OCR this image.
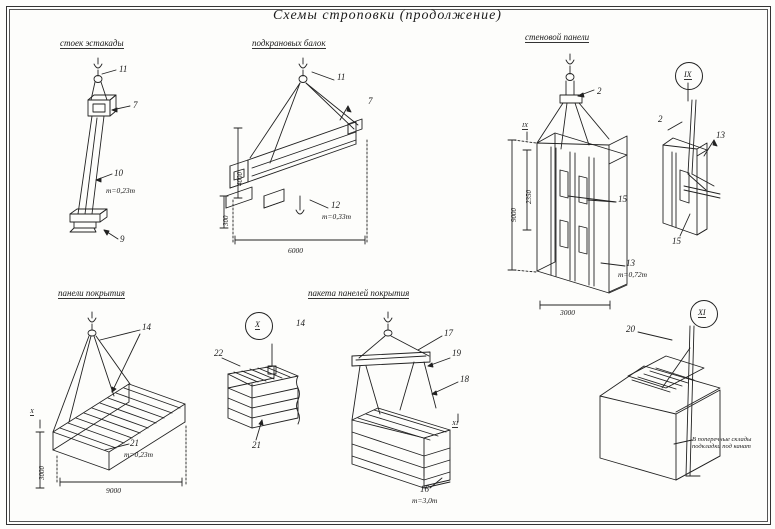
Схемы строповки (продолжение)
стоек эстакады	подкрановых балок
стеновой панели
панели покрытия	пакета панелей покрытия
11
7
10
m=0,23т
9
11
7
12
m=0,33т
6000
4000
300
2
15
13
m=0,72т
9000
2350
3000
IX
IX
2
13
15
14
21
m=0,23т
X
9000
3000
X	14
22
21
17
19
18
16
m=3,0т
XI
XI
20
В поперечные склады подкладки под канат
